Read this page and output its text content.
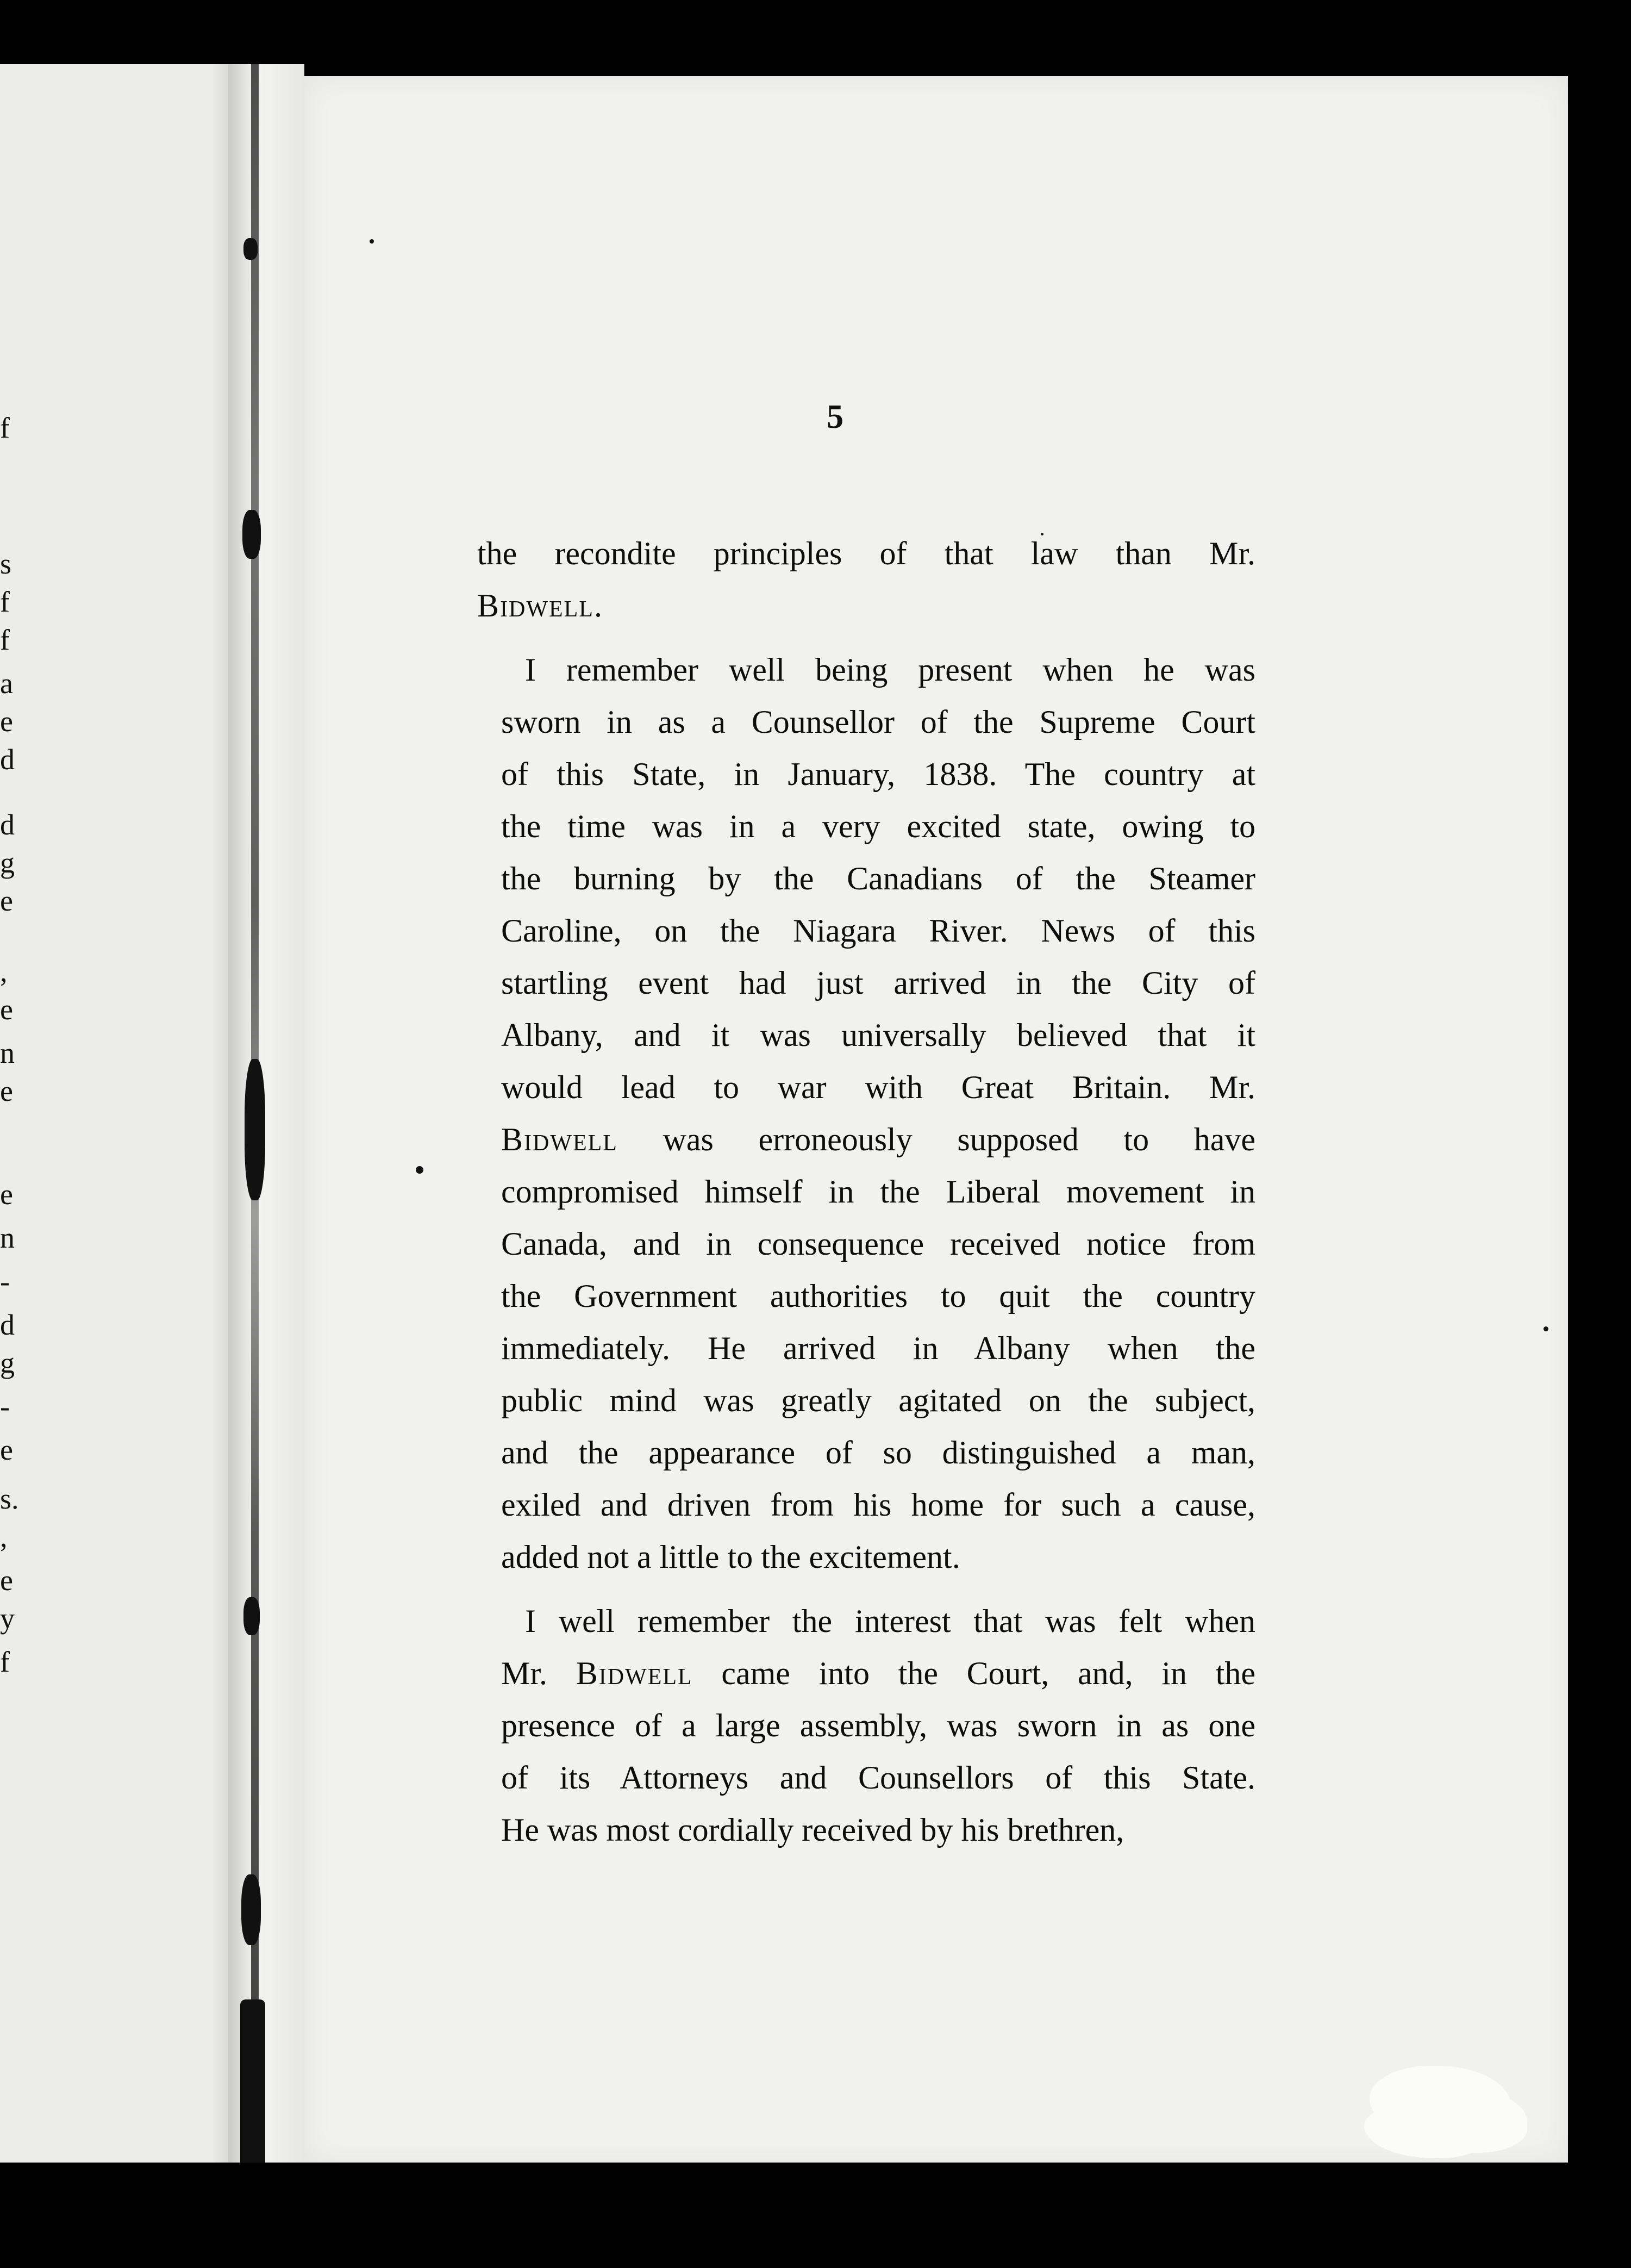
f
s
f
f
a
e
d
d
g
e
,
e
n
e
e
n
-
d
g
-
e
s.
,
e
y
f
5
the recondite principles of that law than Mr.
Bidwell.
I remember well being present when he was
sworn in as a Counsellor of the Supreme Court
of this State, in January, 1838. The country at
the time was in a very excited state, owing to
the burning by the Canadians of the Steamer
Caroline, on the Niagara River. News of this
startling event had just arrived in the City of
Albany, and it was universally believed that it
would lead to war with Great Britain. Mr.
Bidwell was erroneously supposed to have
compromised himself in the Liberal movement in
Canada, and in consequence received notice from
the Government authorities to quit the country
immediately. He arrived in Albany when the
public mind was greatly agitated on the subject,
and the appearance of so distinguished a man,
exiled and driven from his home for such a cause,
added not a little to the excitement.
I well remember the interest that was felt when
Mr. Bidwell came into the Court, and, in the
presence of a large assembly, was sworn in as one
of its Attorneys and Counsellors of this State.
He was most cordially received by his brethren,
